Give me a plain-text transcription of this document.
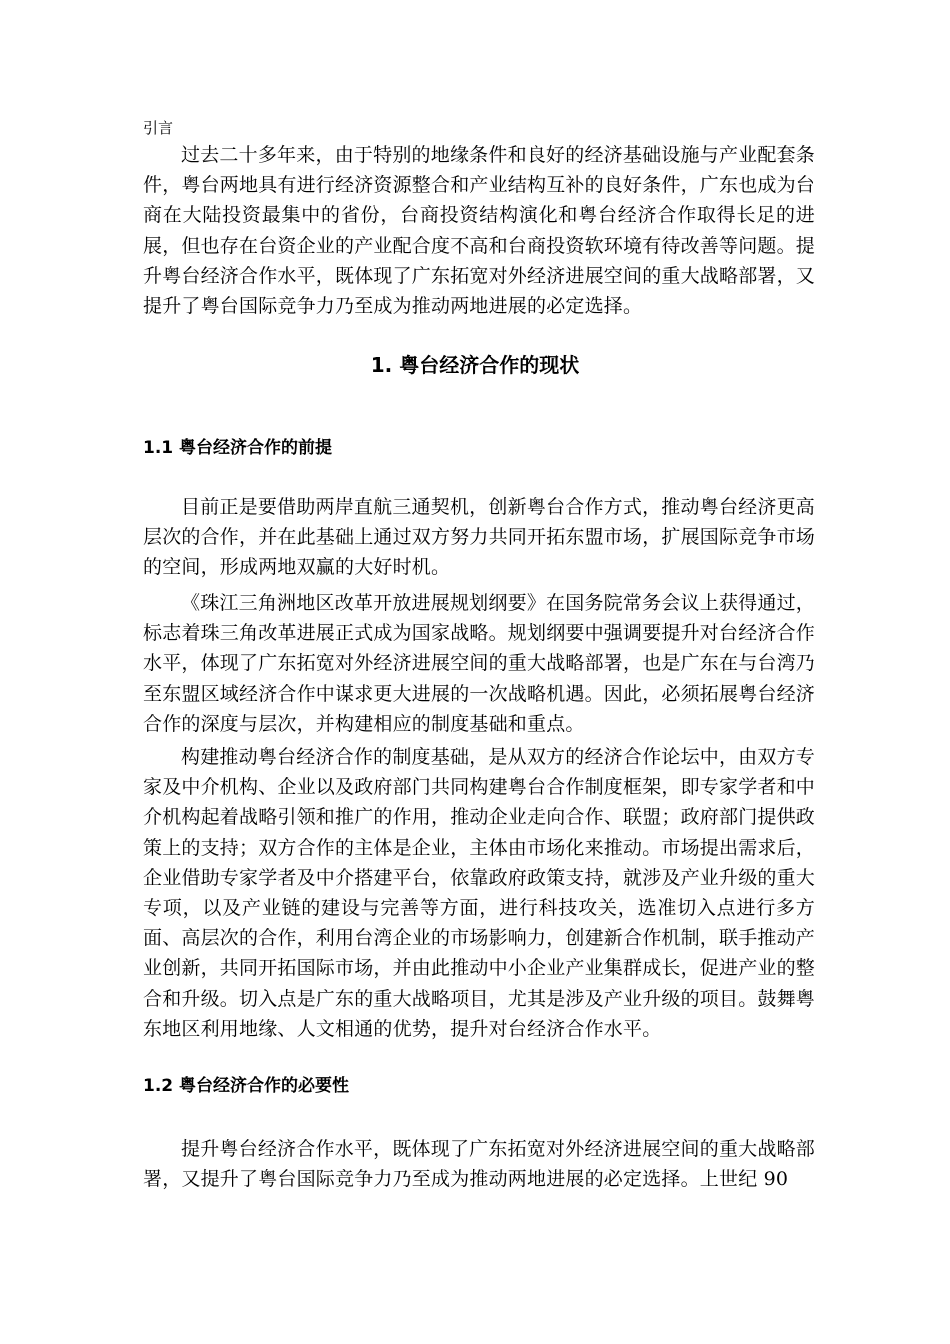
引言

过去二十多年来，由于特别的地缘条件和良好的经济基础设施与产业配套条件，粤台两地具有进行经济资源整合和产业结构互补的良好条件，广东也成为台商在大陆投资最集中的省份，台商投资结构演化和粤台经济合作取得长足的进展，但也存在台资企业的产业配合度不高和台商投资软环境有待改善等问题。提升粤台经济合作水平，既体现了广东拓宽对外经济进展空间的重大战略部署，又提升了粤台国际竞争力乃至成为推动两地进展的必定选择。

1. 粤台经济合作的现状
1.1 粤台经济合作的前提

目前正是要借助两岸直航三通契机，创新粤台合作方式，推动粤台经济更高层次的合作，并在此基础上通过双方努力共同开拓东盟市场，扩展国际竞争市场的空间，形成两地双赢的大好时机。

《珠江三角洲地区改革开放进展规划纲要》在国务院常务会议上获得通过，标志着珠三角改革进展正式成为国家战略。规划纲要中强调要提升对台经济合作水平，体现了广东拓宽对外经济进展空间的重大战略部署，也是广东在与台湾乃至东盟区域经济合作中谋求更大进展的一次战略机遇。因此，必须拓展粤台经济合作的深度与层次，并构建相应的制度基础和重点。

构建推动粤台经济合作的制度基础，是从双方的经济合作论坛中，由双方专家及中介机构、企业以及政府部门共同构建粤台合作制度框架，即专家学者和中介机构起着战略引领和推广的作用，推动企业走向合作、联盟；政府部门提供政策上的支持；双方合作的主体是企业，主体由市场化来推动。市场提出需求后，企业借助专家学者及中介搭建平台，依靠政府政策支持，就涉及产业升级的重大专项，以及产业链的建设与完善等方面，进行科技攻关，选准切入点进行多方面、高层次的合作，利用台湾企业的市场影响力，创建新合作机制，联手推动产业创新，共同开拓国际市场，并由此推动中小企业产业集群成长，促进产业的整合和升级。切入点是广东的重大战略项目，尤其是涉及产业升级的项目。鼓舞粤东地区利用地缘、人文相通的优势，提升对台经济合作水平。

1.2 粤台经济合作的必要性

提升粤台经济合作水平，既体现了广东拓宽对外经济进展空间的重大战略部署，又提升了粤台国际竞争力乃至成为推动两地进展的必定选择。上世纪 90
